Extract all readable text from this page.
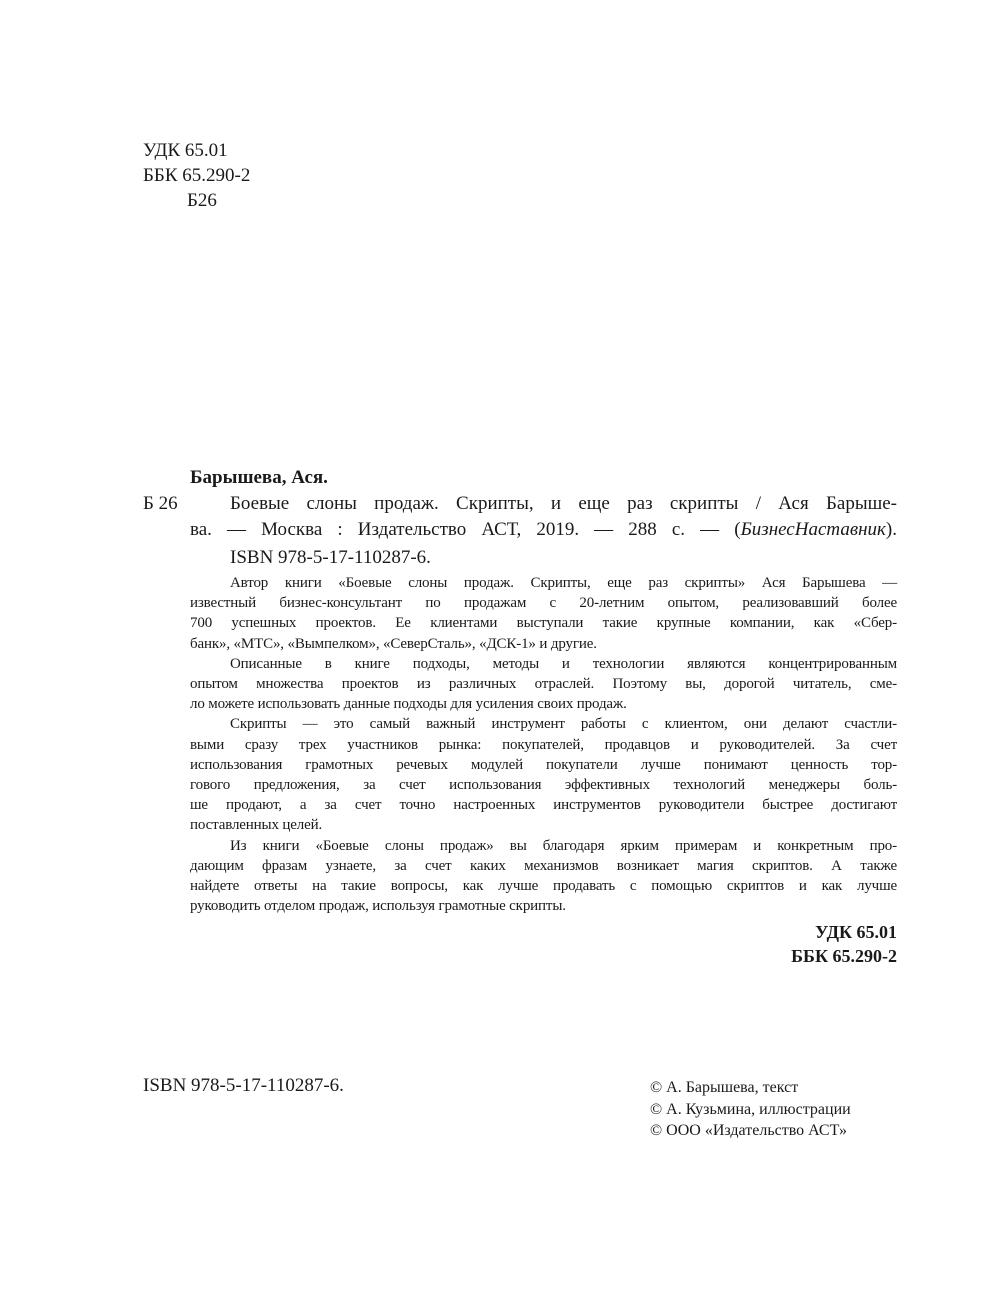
УДК 65.01
ББК 65.290-2
Б26
Барышева, Ася.
Б 26	Боевые слоны продаж. Скрипты, и еще раз скрипты / Ася Барыше-
ва. — Москва : Издательство АСТ, 2019. — 288 с. — (БизнесНаставник).
ISBN 978-5-17-110287-6.
Автор книги «Боевые слоны продаж. Скрипты, еще раз скрипты» Ася Барышева —
известный бизнес-консультант по продажам с 20-летним опытом, реализовавший более
700 успешных проектов. Ее клиентами выступали такие крупные компании, как «Сбер-
банк», «МТС», «Вымпелком», «СеверСталь», «ДСК-1» и другие.
Описанные в книге подходы, методы и технологии являются концентрированным
опытом множества проектов из различных отраслей. Поэтому вы, дорогой читатель, сме-
ло можете использовать данные подходы для усиления своих продаж.
Скрипты — это самый важный инструмент работы с клиентом, они делают счастли-
выми сразу трех участников рынка: покупателей, продавцов и руководителей. За счет
использования грамотных речевых модулей покупатели лучше понимают ценность тор-
гового предложения, за счет использования эффективных технологий менеджеры боль-
ше продают, а за счет точно настроенных инструментов руководители быстрее достигают
поставленных целей.
Из книги «Боевые слоны продаж» вы благодаря ярким примерам и конкретным про-
дающим фразам узнаете, за счет каких механизмов возникает магия скриптов. А также
найдете ответы на такие вопросы, как лучше продавать с помощью скриптов и как лучше
руководить отделом продаж, используя грамотные скрипты.
УДК 65.01
ББК 65.290-2
ISBN 978-5-17-110287-6.	© А. Барышева, текст
© А. Кузьмина, иллюстрации
© ООО «Издательство АСТ»
